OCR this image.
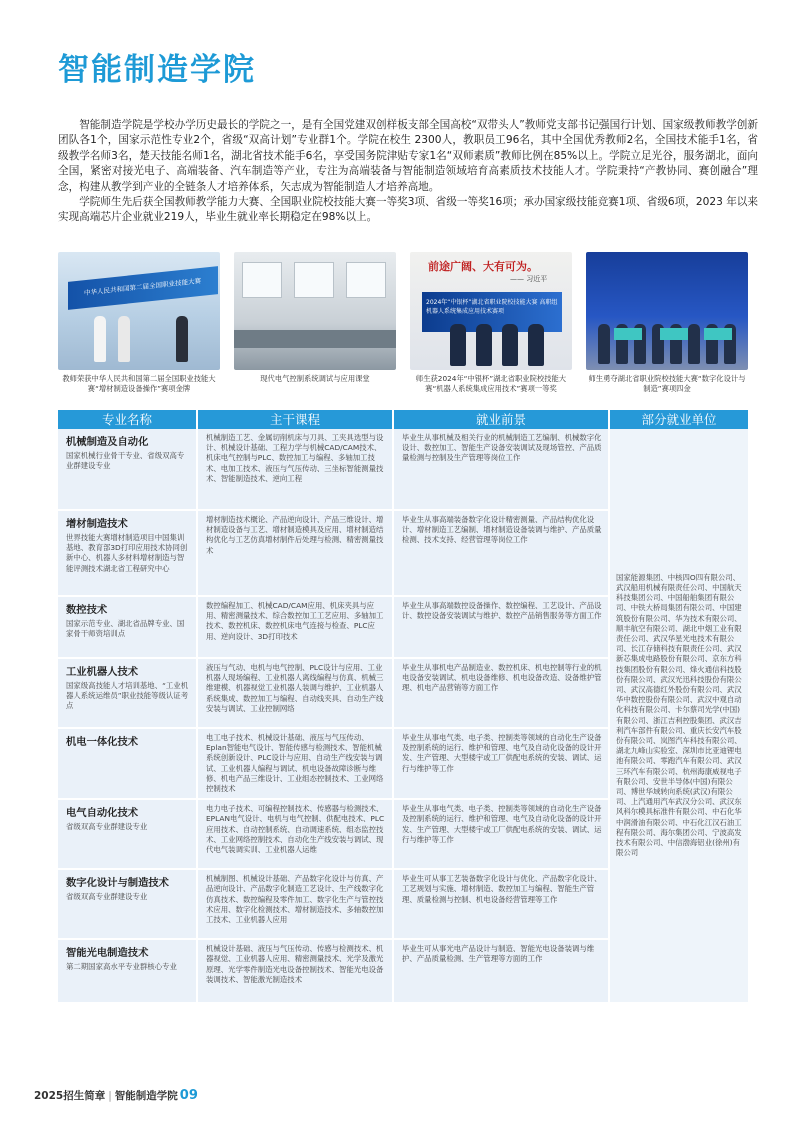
智能制造学院

智能制造学院是学校办学历史最长的学院之一，是有全国党建双创样板支部全国高校“双带头人”教师党支部书记强国行计划、国家级教师教学创新团队各1个，国家示范性专业2个，省级“双高计划”专业群1个。学院在校生 2300人，教职员工96名，其中全国优秀教师2名，全国技术能手1名，省级教学名师3名，楚天技能名师1名，湖北省技术能手6名，享受国务院津贴专家1名“双师素质”教师比例在85%以上。学院立足光谷，服务湖北，面向全国，紧密对接光电子、高端装备、汽车制造等产业，专注为高端装备与智能制造领域培育高素质技术技能人才。学院秉持“产教协同、赛创融合”理念，构建从教学到产业的全链条人才培养体系，矢志成为智能制造人才培养高地。

学院师生先后获全国教师教学能力大赛、全国职业院校技能大赛一等奖3项、省级一等奖16项；承办国家级技能竞赛1项、省级6项，2023 年以来实现高端芯片企业就业219人，毕业生就业率长期稳定在98%以上。

中华人民共和国第二届全国职业技能大赛
教师荣获中华人民共和国第二届全国职业技能大赛“增材制造设备操作”赛项金牌
现代电气控制系统调试与应用课堂
前途广阔、大有可为。
—— 习近平
2024年“中银杯”湖北省职业院校技能大赛 高职组机器人系统集成应用技术赛项
师生获2024年“中银杯”湖北省职业院校技能大赛“机器人系统集成应用技术”赛项一等奖
师生勇夺湖北省职业院校技能大赛“数字化设计与制造”赛项四金
专业名称	主干课程	就业前景	部分就业单位

机械制造及自动化
国家机械行业骨干专业、省级双高专业群建设专业	机械制造工艺、金属切削机床与刀具、工夹具选型与设计、机械设计基础、工程力学与机械CAD/CAM技术、机床电气控制与PLC、数控加工与编程、多轴加工技术、电加工技术、液压与气压传动、三坐标智能测量技术、智能制造技术、逆向工程	毕业生从事机械及相关行业的机械制造工艺编制、机械数字化设计、数控加工、智能生产设备安装调试及现场管控、产品质量检测与控制及生产管理等岗位工作	国家能源集团、中核四O四有限公司、武汉船用机械有限责任公司、中国航天科技集团公司、中国船舶集团有限公司、中铁大桥局集团有限公司、中国建筑股份有限公司、华为技术有限公司、顺丰航空有限公司、湖北中烟工业有限责任公司、武汉华星光电技术有限公司、长江存储科技有限责任公司、武汉新芯集成电路股份有限公司、京东方科技集团股份有限公司、烽火通信科技股份有限公司、武汉光迅科技股份有限公司、武汉高德红外股份有限公司、武汉华中数控股份有限公司、武汉中观自动化科技有限公司、卡尔蔡司光学(中国)有限公司、浙江吉利控股集团、武汉吉利汽车部件有限公司、重庆长安汽车股份有限公司、岚图汽车科技有限公司、湖北九峰山实验室、深圳市比亚迪锂电池有限公司、零跑汽车有限公司、武汉三环汽车有限公司、杭州海康威视电子有限公司、安世半导体(中国)有限公司、博世华域转向系统(武汉)有限公司、上汽通用汽车武汉分公司、武汉东风科尔模具标准件有限公司、中石化华中润滑油有限公司、中石化江汉石油工程有限公司、海尔集团公司、宁波高发技术有限公司、中信渤海铝业(徐州)有限公司

增材制造技术
世界技能大赛增材制造项目中国集训基地、教育部3D打印应用技术协同创新中心、机器人多材料增材制造与智能评测技术湖北省工程研究中心	增材制造技术概论、产品逆向设计、产品三维设计、增材制造设备与工艺、增材制造模具及应用、增材制造结构优化与工艺仿真增材制件后处理与检测、精密测量技术	毕业生从事高端装备数字化设计精密测量、产品结构优化设计、增材制造工艺编制、增材制造设备装调与维护、产品质量检测、技术支持、经营管理等岗位工作	

数控技术
国家示范专业、湖北省品牌专业、国家骨干师资培训点	数控编程加工、机械CAD/CAM应用、机床夹具与应用、精密测量技术、综合数控加工工艺应用、多轴加工技术、数控机床、数控机床电气连接与检查、PLC应用、逆向设计、3D打印技术	毕业生从事高端数控设备操作、数控编程、工艺设计、产品设计、数控设备安装调试与维护、数控产品销售服务等方面工作	

工业机器人技术
国家级高技能人才培训基地、“工业机器人系统运维员”职业技能等级认证考点	液压与气动、电机与电气控制、PLC设计与应用、工业机器人现场编程、工业机器人离线编程与仿真、机械三维建模、机器视觉工业机器人装调与维护、工业机器人系统集成、数控加工与编程、自动线夹具、自动生产线安装与调试、工业控制网络	毕业生从事机电产品制造业、数控机床、机电控制等行业的机电设备安装调试、机电设备维修、机电设备改造、设备维护管理、机电产品营销等方面工作	

机电一体化技术	电工电子技术、机械设计基础、液压与气压传动、Eplan智能电气设计、智能传感与检测技术、智能机械系统创新设计、PLC设计与应用、自动生产线安装与调试、工业机器人编程与调试、机电设备故障诊断与维修、机电产品三维设计、工业组态控制技术、工业网络控制技术	毕业生从事电气类、电子类、控制类等领域的自动化生产设备及控制系统的运行、维护和管理、电气及自动化设备的设计开发、生产管理、大型楼宇或工厂供配电系统的安装、调试、运行与维护等工作	

电气自动化技术
省级双高专业群建设专业	电力电子技术、可编程控制技术、传感器与检测技术、EPLAN电气设计、电机与电气控制、供配电技术、PLC应用技术、自动控制系统、自动调速系统、组态监控技术、工业网络控制技术、自动化生产线安装与调试、现代电气装调实训、工业机器人运维	毕业生从事电气类、电子类、控制类等领域的自动化生产设备及控制系统的运行、维护和管理、电气及自动化设备的设计开发、生产管理、大型楼宇或工厂供配电系统的安装、调试、运行与维护等工作	

数字化设计与制造技术
省级双高专业群建设专业	机械制图、机械设计基础、产品数字化设计与仿真、产品逆向设计、产品数字化制造工艺设计、生产线数字化仿真技术、数控编程及零件加工、数字化生产与管控技术应用、数字化检测技术、增材制造技术、多轴数控加工技术、工业机器人应用	毕业生可从事工艺装备数字化设计与优化、产品数字化设计、工艺规划与实施、增材制造、数控加工与编程、智能生产管理、质量检测与控制、机电设备经营管理等工作	

智能光电制造技术
第二期国家高水平专业群核心专业	机械设计基础、液压与气压传动、传感与检测技术、机器视觉、工业机器人应用、精密测量技术、光学及激光原理、光学零件制造光电设备控制技术、智能光电设备装调技术、智能激光制造技术	毕业生可从事光电产品设计与制造、智能光电设备装调与维护、产品质量检测、生产管理等方面的工作	
2025招生简章 | 智能制造学院 09
